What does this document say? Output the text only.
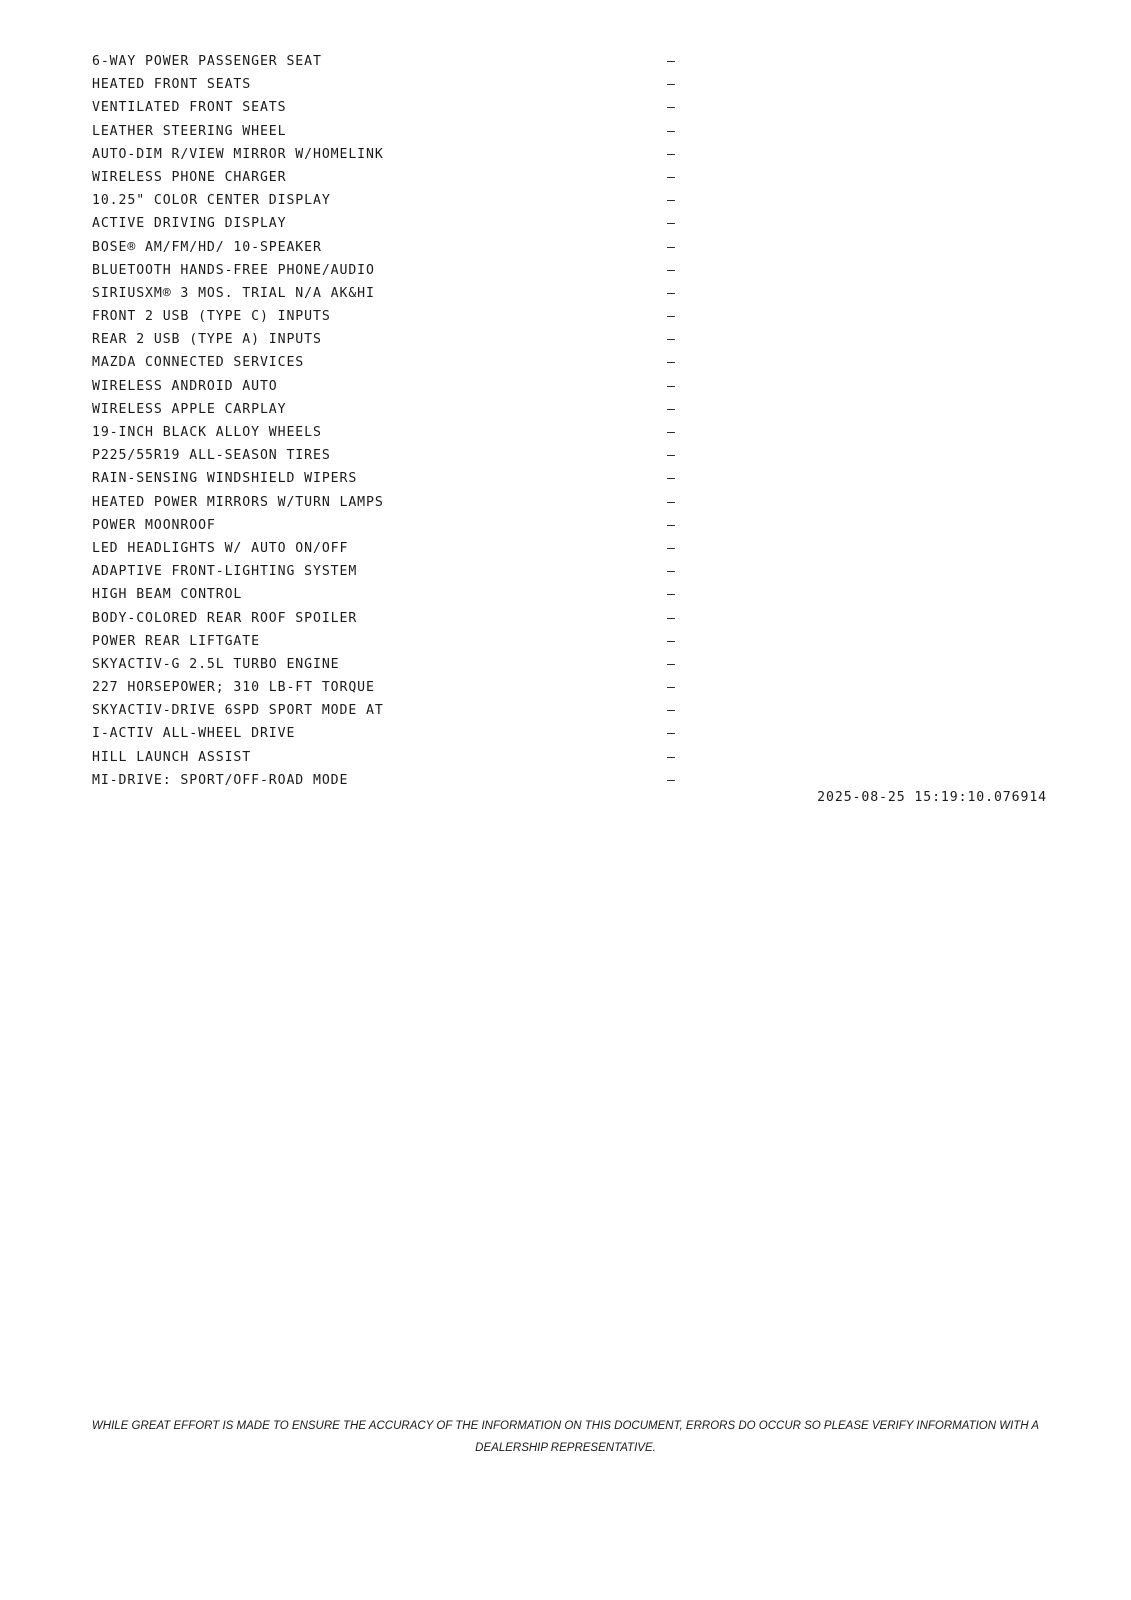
6-WAY POWER PASSENGER SEAT	—
HEATED FRONT SEATS	—
VENTILATED FRONT SEATS	—
LEATHER STEERING WHEEL	—
AUTO-DIM R/VIEW MIRROR W/HOMELINK	—
WIRELESS PHONE CHARGER	—
10.25" COLOR CENTER DISPLAY	—
ACTIVE DRIVING DISPLAY	—
BOSE® AM/FM/HD/ 10-SPEAKER	—
BLUETOOTH HANDS-FREE PHONE/AUDIO	—
SIRIUSXM® 3 MOS. TRIAL N/A AK&HI	—
FRONT 2 USB (TYPE C) INPUTS	—
REAR 2 USB (TYPE A) INPUTS	—
MAZDA CONNECTED SERVICES	—
WIRELESS ANDROID AUTO	—
WIRELESS APPLE CARPLAY	—
19-INCH BLACK ALLOY WHEELS	—
P225/55R19 ALL-SEASON TIRES	—
RAIN-SENSING WINDSHIELD WIPERS	—
HEATED POWER MIRRORS W/TURN LAMPS	—
POWER MOONROOF	—
LED HEADLIGHTS W/ AUTO ON/OFF	—
ADAPTIVE FRONT-LIGHTING SYSTEM	—
HIGH BEAM CONTROL	—
BODY-COLORED REAR ROOF SPOILER	—
POWER REAR LIFTGATE	—
SKYACTIV-G 2.5L TURBO ENGINE	—
227 HORSEPOWER; 310 LB-FT TORQUE	—
SKYACTIV-DRIVE 6SPD SPORT MODE AT	—
I-ACTIV ALL-WHEEL DRIVE	—
HILL LAUNCH ASSIST	—
MI-DRIVE: SPORT/OFF-ROAD MODE	—
2025-08-25 15:19:10.076914
WHILE GREAT EFFORT IS MADE TO ENSURE THE ACCURACY OF THE INFORMATION ON THIS DOCUMENT, ERRORS DO OCCUR SO PLEASE VERIFY INFORMATION WITH A
DEALERSHIP REPRESENTATIVE.
